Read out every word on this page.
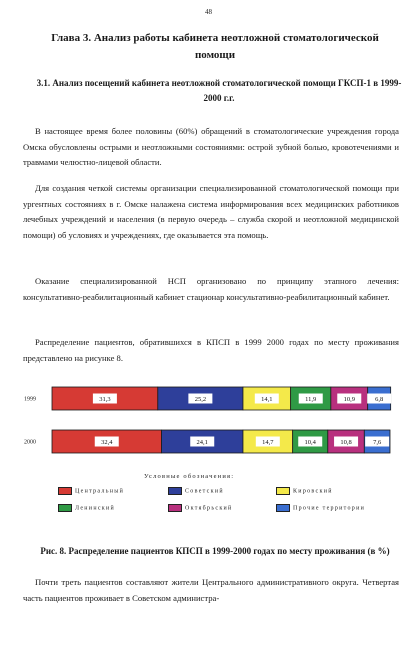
48
Глава 3. Анализ работы кабинета неотложной стоматологической помощи
3.1. Анализ посещений кабинета неотложной стоматологической помощи ГКСП-1 в 1999-2000 г.г.

В настоящее время более половины (60%) обращений в стоматологические учреждения города Омска обусловлены острыми и неотложными состояниями: острой зубной болью, кровотечениями и травмами челюстно-лицевой области.

Для создания четкой системы организации специализированной стоматологической помощи при ургентных состояниях в г. Омске налажена система информирования всех медицинских работников лечебных учреждений и населения (в первую очередь – служба скорой и неотложной медицинской помощи) об условиях и учреждениях, где оказывается эта помощь.

Оказание специализированной НСП организовано по принципу этапного лечения: консультативно-реабилитационный кабинет стационар консультативно-реабилитационный кабинет.

Распределение пациентов, обратившихся в КПСП в 1999 2000 годах по месту проживания представлено на рисунке 8.

1999	31,3	25,2	14,1	11,9	10,9	6,8
2000	32,4	24,1	14,7	10,4	10,8	7,6
Условные обозначения:
Центральный	Советский	Кировский
Ленинский	Октябрьский	Прочие территории
Рис. 8. Распределение пациентов КПСП в 1999-2000 годах по месту проживания (в %)

Почти треть пациентов составляют жители Центрального административного округа. Четвертая часть пациентов проживает в Советском администра-
